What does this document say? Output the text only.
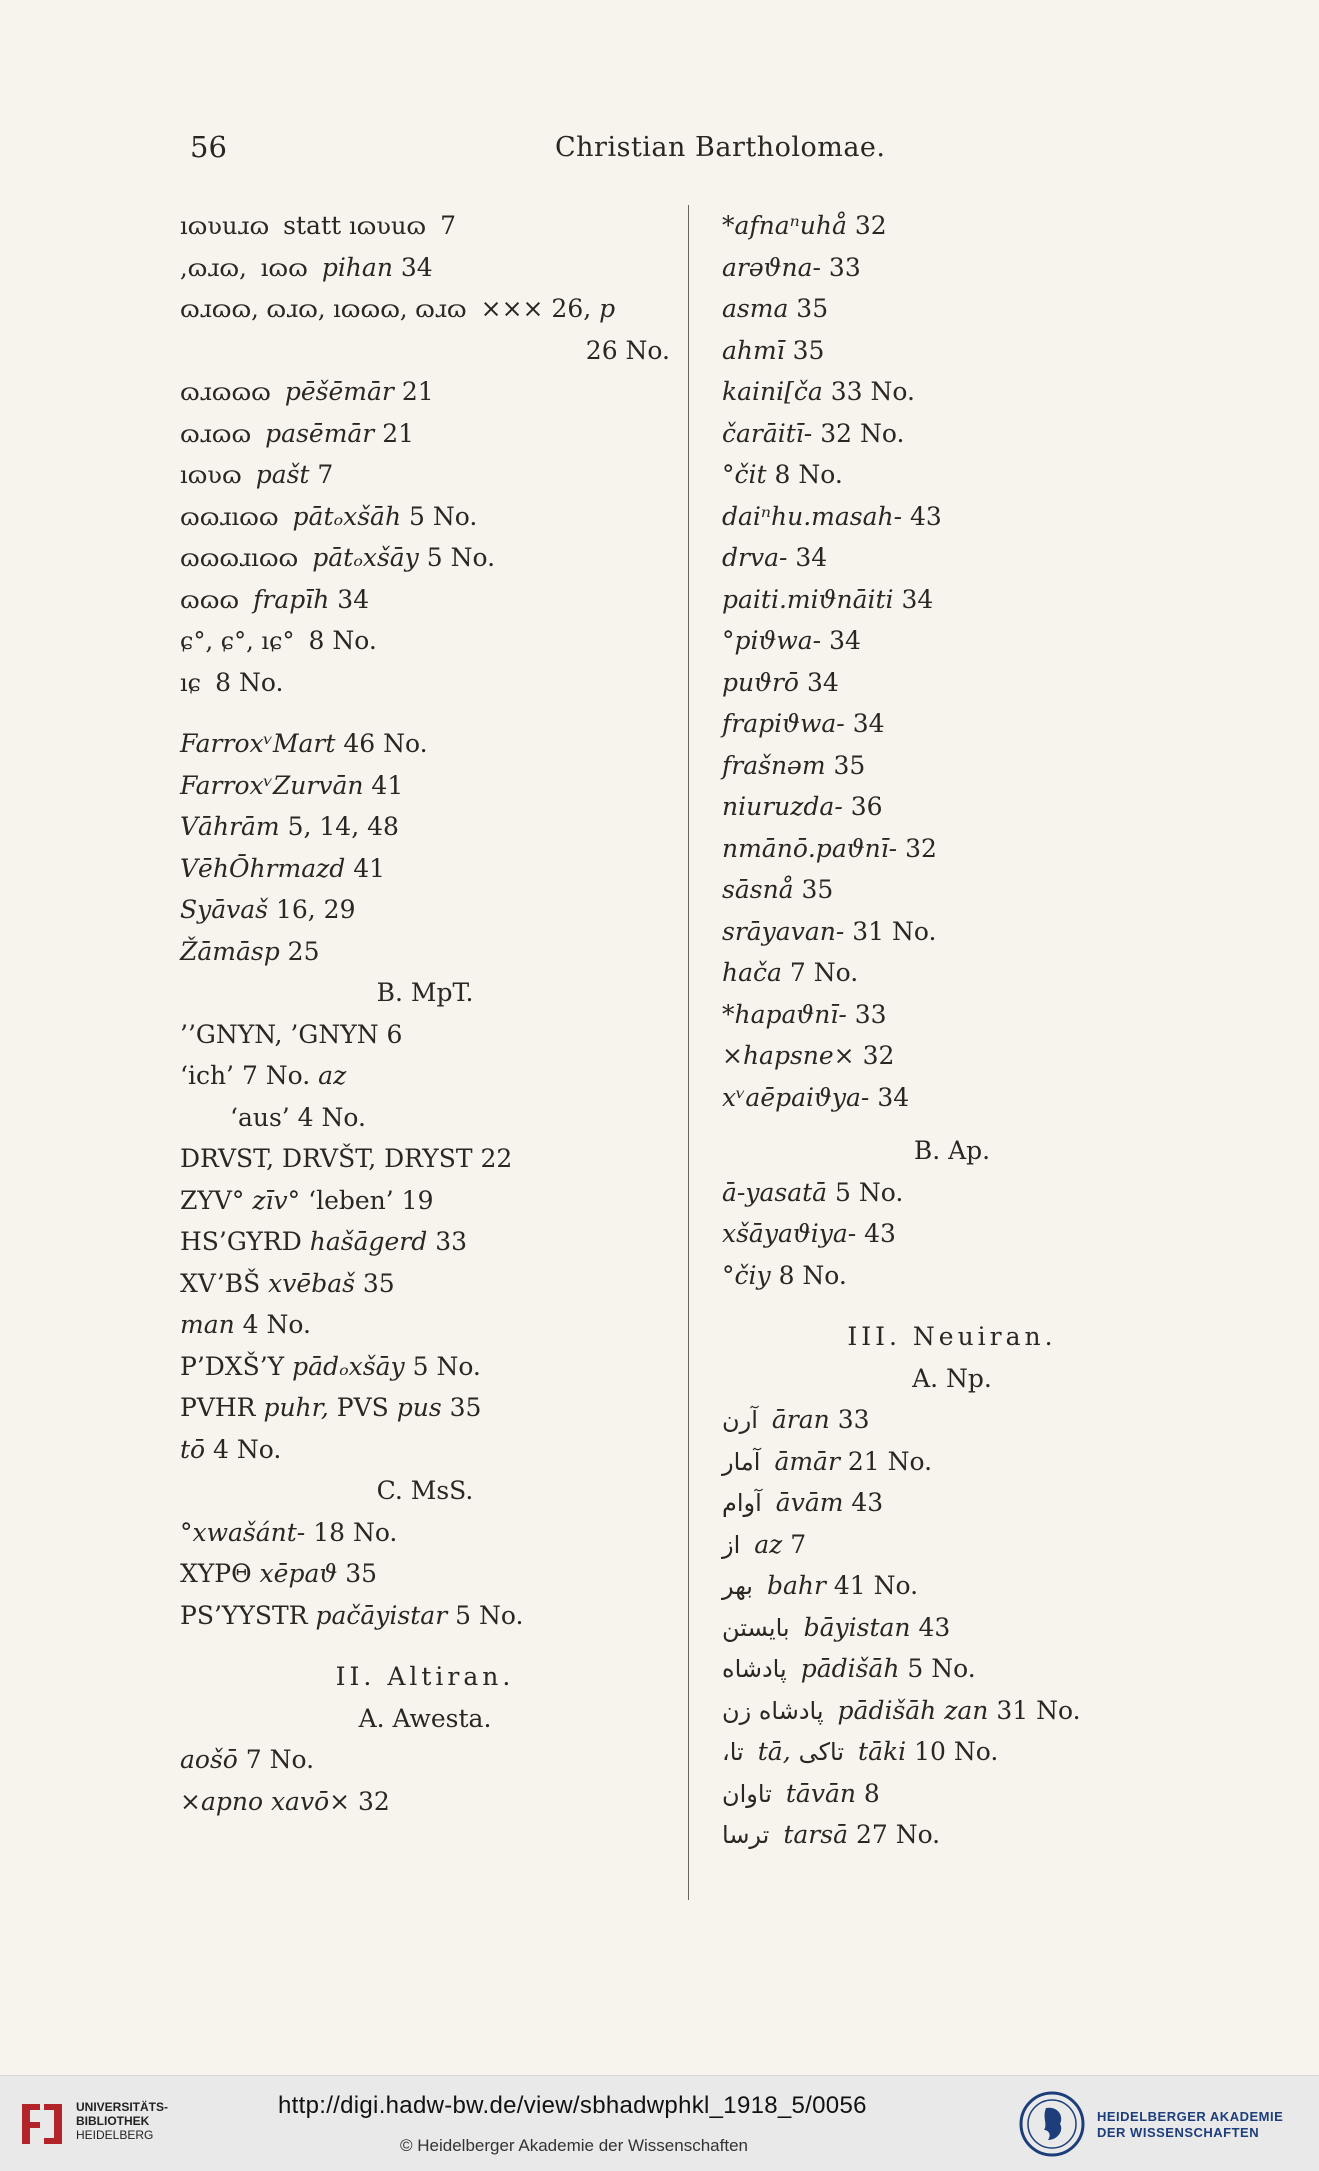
56	Christian Bartholomae.
ıɷʋuɹɷ statt ıɷʋuɷ 7
,ɷɹɷ, ıɷɷ pihan 34
ɷɹɷɷ, ɷɹɷ, ıɷɷɷ, ɷɹɷ ××× 26, p
26 No.
ɷɹɷɷɷ pēšēmār 21
ɷɹɷɷ pasēmār 21
ıɷʋɷ pašt 7
ɷɷɹıɷɷ pātₒxšāh 5 No.
ɷɷɷɹıɷɷ pātₒxšāy 5 No.
ɷɷɷ frapīh 34
ɕ°, ɕ°, ıɕ° 8 No.
ıɕ 8 No.
FarroxᵛMart 46 No.
FarroxᵛZurvān 41
Vāhrām 5, 14, 48
VēhŌhrmazd 41
Syāvaš 16, 29
Žāmāsp 25
B. MpT.
’’GNYN, ’GNYN 6
‘ich’ 7 No. az
‘aus’ 4 No.
DRVST, DRVŠT, DRYST 22
ZYV° zīv° ‘leben’ 19
HS’GYRD hašāgerd 33
XV’BŠ xvēbaš 35
man 4 No.
P’DXŠ’Y pādₒxšāy 5 No.
PVHR puhr, PVS pus 35
tō 4 No.
C. MsS.
°xwašánt- 18 No.
XYPΘ xēpaϑ 35
PS’YYSTR pačāyistar 5 No.
II. Altiran.
A. Awesta.
aošō 7 No.
×apno xavō× 32
*afnaⁿuhå 32
arəϑna- 33
asma 35
ahmī 35
kaini[ča 33 No.
čarāitī- 32 No.
°čit 8 No.
daiⁿhu.masah- 43
drva- 34
paiti.miϑnāiti 34
°piϑwa- 34
puϑrō 34
frapiϑwa- 34
frašnəm 35
niuruzda- 36
nmānō.paϑnī- 32
sāsnå 35
srāyavan- 31 No.
hača 7 No.
*hapaϑnī- 33
×hapsne× 32
xᵛaēpaiϑya- 34
B. Ap.
ā-yasatā 5 No.
xšāyaϑiya- 43
°čiy 8 No.
III. Neuiran.
A. Np.
آرن āran 33
آمار āmār 21 No.
آوام āvām 43
از az 7
بهر bahr 41 No.
بايستن bāyistan 43
پادشاه pādišāh 5 No.
پادشاه زن pādišāh zan 31 No.
تا، tā, تاکی tāki 10 No.
تاوان tāvān 8
ترسا tarsā 27 No.
UNIVERSITÄTS-
BIBLIOTHEK
HEIDELBERG
http://digi.hadw-bw.de/view/sbhadwphkl_1918_5/0056
© Heidelberger Akademie der Wissenschaften
HEIDELBERGER AKADEMIE
DER WISSENSCHAFTEN
